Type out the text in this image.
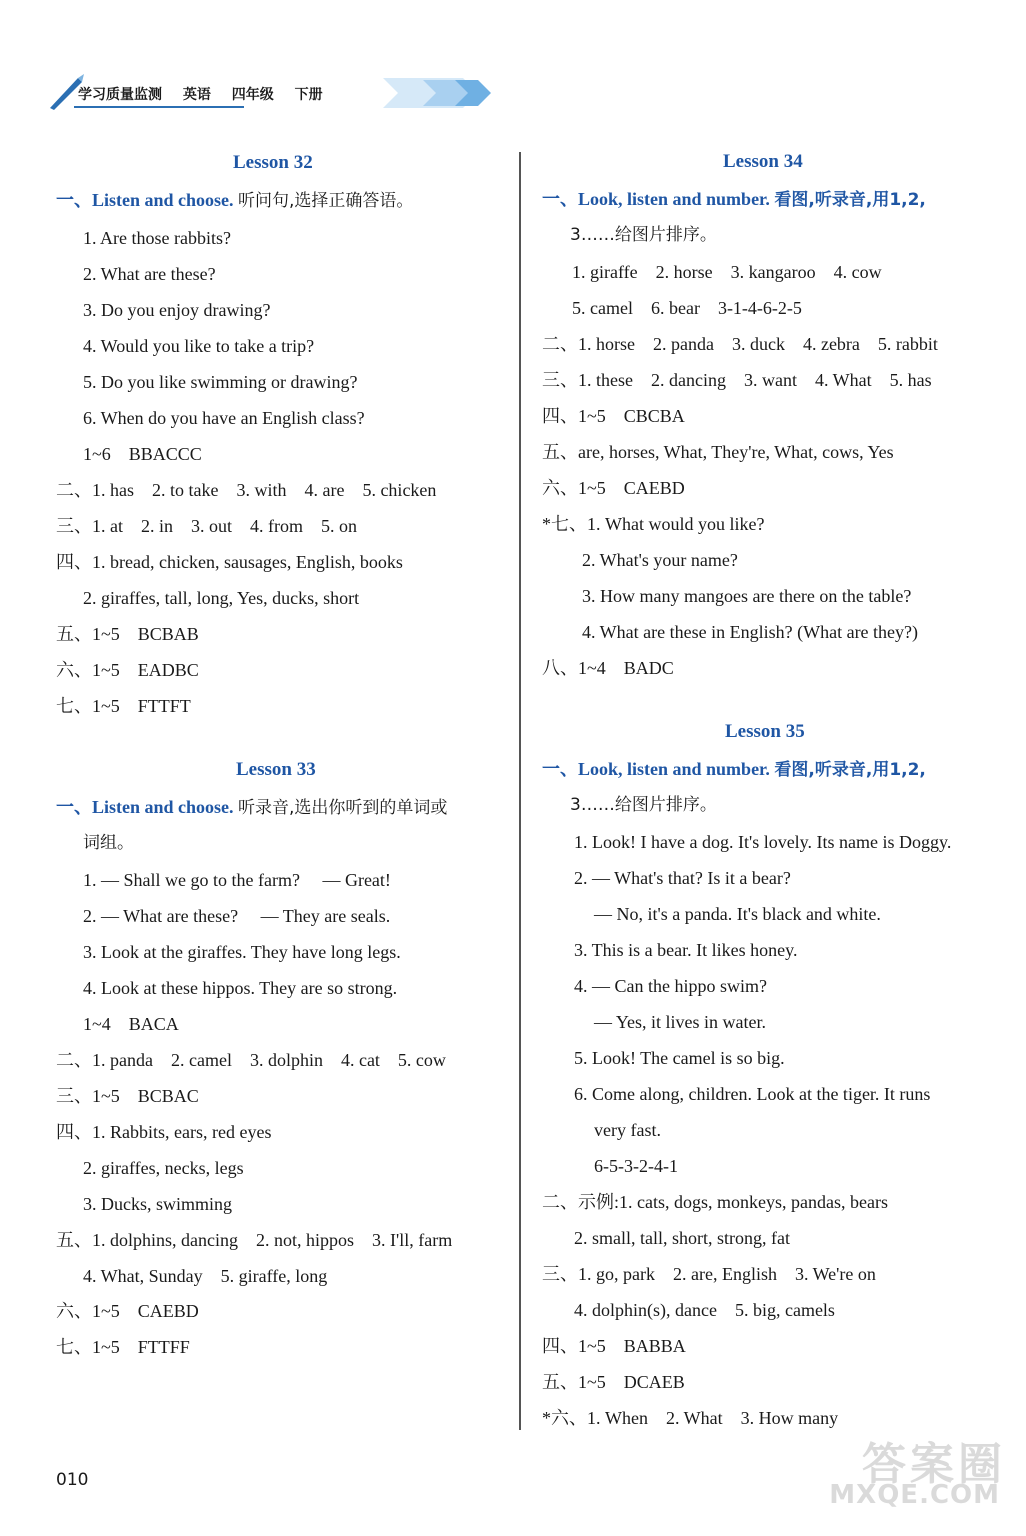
学习质量监测 英语 四年级 下册
Lesson 32
一、Listen and choose. 听问句,选择正确答语。
1. Are those rabbits?
2. What are these?
3. Do you enjoy drawing?
4. Would you like to take a trip?
5. Do you like swimming or drawing?
6. When do you have an English class?
1~6　BBACCC
二、1. has　2. to take　3. with　4. are　5. chicken
三、1. at　2. in　3. out　4. from　5. on
四、1. bread, chicken, sausages, English, books
2. giraffes, tall, long, Yes, ducks, short
五、1~5　BCBAB
六、1~5　EADBC
七、1~5　FTTFT
Lesson 33
一、Listen and choose. 听录音,选出你听到的单词或
词组。
1. — Shall we go to the farm?　 — Great!
2. — What are these?　 — They are seals.
3. Look at the giraffes. They have long legs.
4. Look at these hippos. They are so strong.
1~4　BACA
二、1. panda　2. camel　3. dolphin　4. cat　5. cow
三、1~5　BCBAC
四、1. Rabbits, ears, red eyes
2. giraffes, necks, legs
3. Ducks, swimming
五、1. dolphins, dancing　2. not, hippos　3. I'll, farm
4. What, Sunday　5. giraffe, long
六、1~5　CAEBD
七、1~5　FTTFF
Lesson 34
一、Look, listen and number. 看图,听录音,用1,2,
3……给图片排序。
1. giraffe　2. horse　3. kangaroo　4. cow
5. camel　6. bear　3-1-4-6-2-5
二、1. horse　2. panda　3. duck　4. zebra　5. rabbit
三、1. these　2. dancing　3. want　4. What　5. has
四、1~5　CBCBA
五、are, horses, What, They're, What, cows, Yes
六、1~5　CAEBD
*七、1. What would you like?
2. What's your name?
3. How many mangoes are there on the table?
4. What are these in English? (What are they?)
八、1~4　BADC
Lesson 35
一、Look, listen and number. 看图,听录音,用1,2,
3……给图片排序。
1. Look! I have a dog. It's lovely. Its name is Doggy.
2. — What's that? Is it a bear?
— No, it's a panda. It's black and white.
3. This is a bear. It likes honey.
4. — Can the hippo swim?
— Yes, it lives in water.
5. Look! The camel is so big.
6. Come along, children. Look at the tiger. It runs
very fast.
6-5-3-2-4-1
二、示例:1. cats, dogs, monkeys, pandas, bears
2. small, tall, short, strong, fat
三、1. go, park　2. are, English　3. We're on
4. dolphin(s), dance　5. big, camels
四、1~5　BABBA
五、1~5　DCAEB
*六、1. When　2. What　3. How many
010	答案圈
MXQE.COM
